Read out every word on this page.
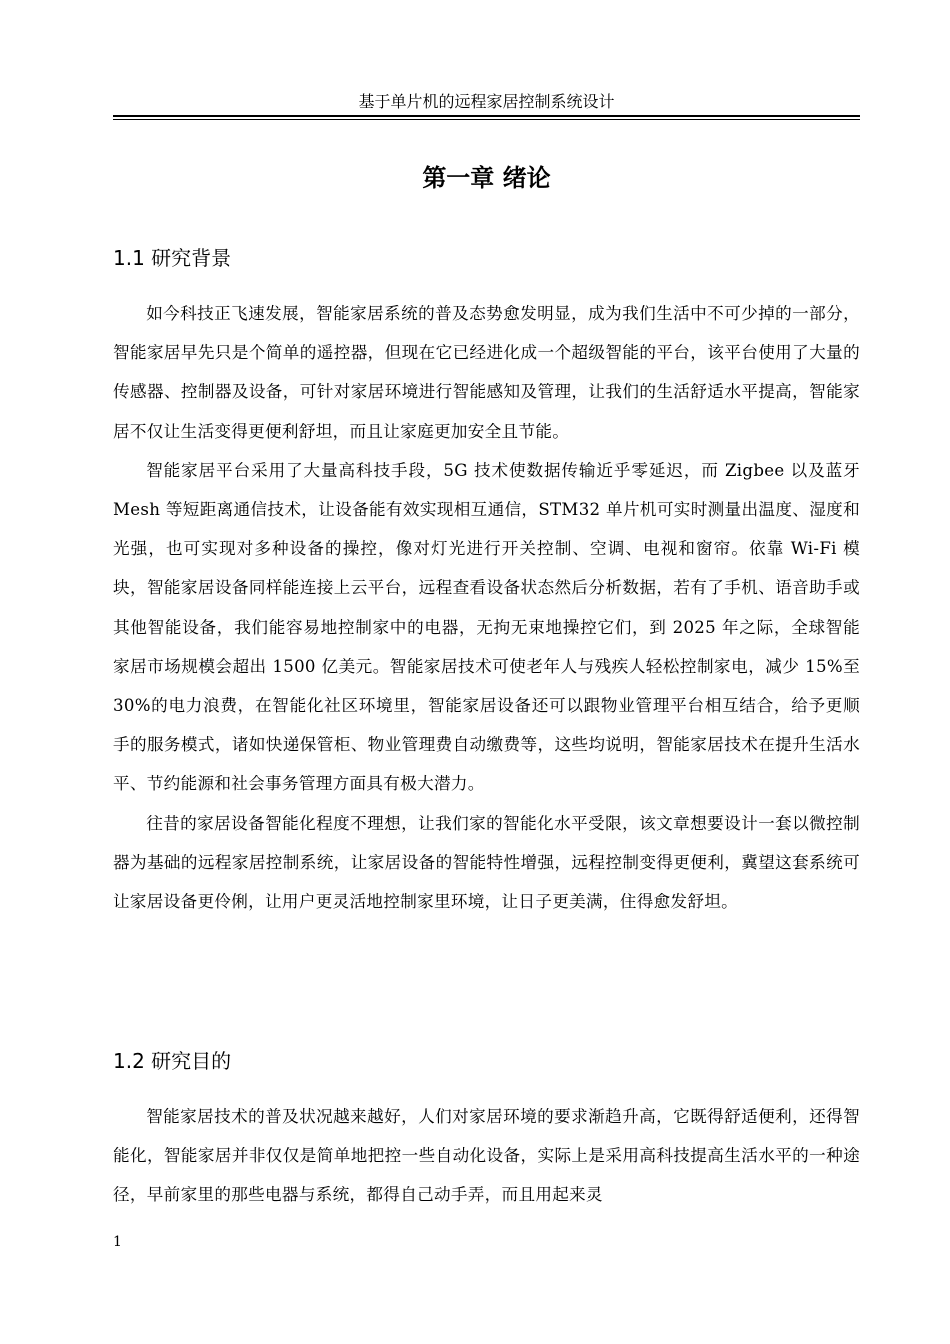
基于单片机的远程家居控制系统设计
第一章 绪论
1.1 研究背景

如今科技正飞速发展，智能家居系统的普及态势愈发明显，成为我们生活中不可少掉的一部分，智能家居早先只是个简单的遥控器，但现在它已经进化成一个超级智能的平台，该平台使用了大量的传感器、控制器及设备，可针对家居环境进行智能感知及管理，让我们的生活舒适水平提高，智能家居不仅让生活变得更便利舒坦，而且让家庭更加安全且节能。

智能家居平台采用了大量高科技手段，5G 技术使数据传输近乎零延迟，而 Zigbee 以及蓝牙 Mesh 等短距离通信技术，让设备能有效实现相互通信，STM32 单片机可实时测量出温度、湿度和光强，也可实现对多种设备的操控，像对灯光进行开关控制、空调、电视和窗帘。依靠 Wi-Fi 模块，智能家居设备同样能连接上云平台，远程查看设备状态然后分析数据，若有了手机、语音助手或其他智能设备，我们能容易地控制家中的电器，无拘无束地操控它们，到 2025 年之际，全球智能家居市场规模会超出 1500 亿美元。智能家居技术可使老年人与残疾人轻松控制家电，减少 15%至 30%的电力浪费，在智能化社区环境里，智能家居设备还可以跟物业管理平台相互结合，给予更顺手的服务模式，诸如快递保管柜、物业管理费自动缴费等，这些均说明，智能家居技术在提升生活水平、节约能源和社会事务管理方面具有极大潜力。

往昔的家居设备智能化程度不理想，让我们家的智能化水平受限，该文章想要设计一套以微控制器为基础的远程家居控制系统，让家居设备的智能特性增强，远程控制变得更便利，冀望这套系统可让家居设备更伶俐，让用户更灵活地控制家里环境，让日子更美满，住得愈发舒坦。

1.2 研究目的

智能家居技术的普及状况越来越好，人们对家居环境的要求渐趋升高，它既得舒适便利，还得智能化，智能家居并非仅仅是简单地把控一些自动化设备，实际上是采用高科技提高生活水平的一种途径，早前家里的那些电器与系统，都得自己动手弄，而且用起来灵

1
